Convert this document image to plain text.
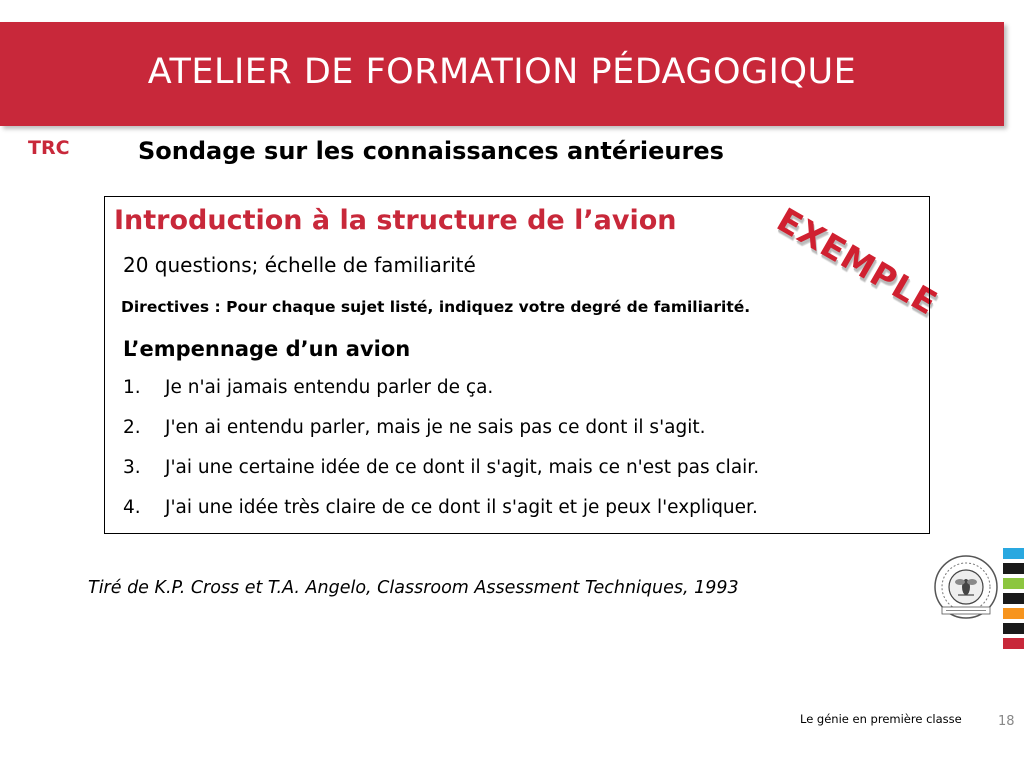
ATELIER DE FORMATION PÉDAGOGIQUE
TRC	Sondage sur les connaissances antérieures
EXEMPLE
Introduction à la structure de l’avion
20 questions; échelle de familiarité
Directives : Pour chaque sujet listé, indiquez votre degré de familiarité.
L’empennage d’un avion
1.	Je n'ai jamais entendu parler de ça.
2.	J'en ai entendu parler, mais je ne sais pas ce dont il s'agit.
3.	J'ai une certaine idée de ce dont il s'agit, mais ce n'est pas clair.
4.	J'ai une idée très claire de ce dont il s'agit et je peux l'expliquer.
Tiré de K.P. Cross et T.A. Angelo, Classroom Assessment Techniques, 1993
Le génie en première classe	18
